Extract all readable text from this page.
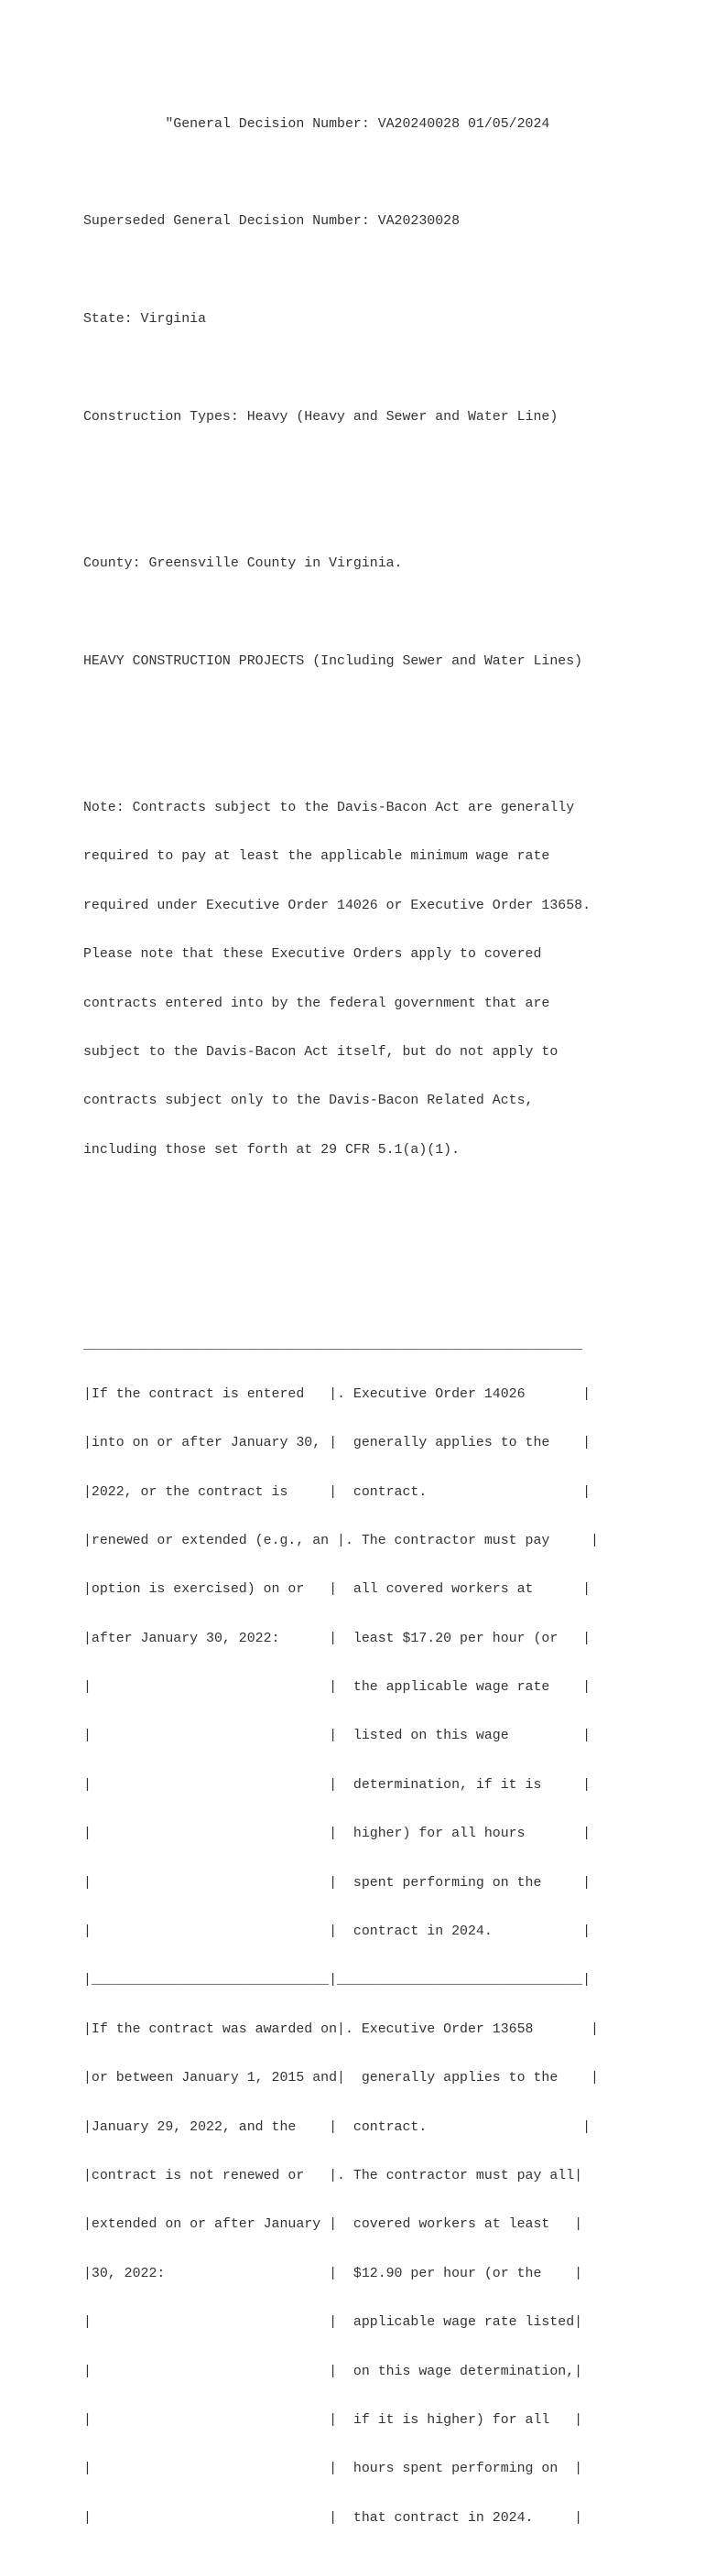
"General Decision Number: VA20240028 01/05/2024

Superseded General Decision Number: VA20230028

State: Virginia

Construction Types: Heavy (Heavy and Sewer and Water Line)

County: Greensville County in Virginia.

HEAVY CONSTRUCTION PROJECTS (Including Sewer and Water Lines)

Note: Contracts subject to the Davis-Bacon Act are generally

required to pay at least the applicable minimum wage rate

required under Executive Order 14026 or Executive Order 13658.

Please note that these Executive Orders apply to covered

contracts entered into by the federal government that are

subject to the Davis-Bacon Act itself, but do not apply to

contracts subject only to the Davis-Bacon Related Acts,

including those set forth at 29 CFR 5.1(a)(1).

_____________________________________________________________

|If the contract is entered   |. Executive Order 14026       |

|into on or after January 30, |  generally applies to the    |

|2022, or the contract is     |  contract.                   |

|renewed or extended (e.g., an |. The contractor must pay     |

|option is exercised) on or   |  all covered workers at      |

|after January 30, 2022:      |  least $17.20 per hour (or   |

|                             |  the applicable wage rate    |

|                             |  listed on this wage         |

|                             |  determination, if it is     |

|                             |  higher) for all hours       |

|                             |  spent performing on the     |

|                             |  contract in 2024.           |

|_____________________________|______________________________|

|If the contract was awarded on|. Executive Order 13658       |

|or between January 1, 2015 and|  generally applies to the    |

|January 29, 2022, and the    |  contract.                   |

|contract is not renewed or   |. The contractor must pay all|

|extended on or after January |  covered workers at least   |

|30, 2022:                    |  $12.90 per hour (or the    |

|                             |  applicable wage rate listed|

|                             |  on this wage determination,|

|                             |  if it is higher) for all   |

|                             |  hours spent performing on  |

|                             |  that contract in 2024.     |
